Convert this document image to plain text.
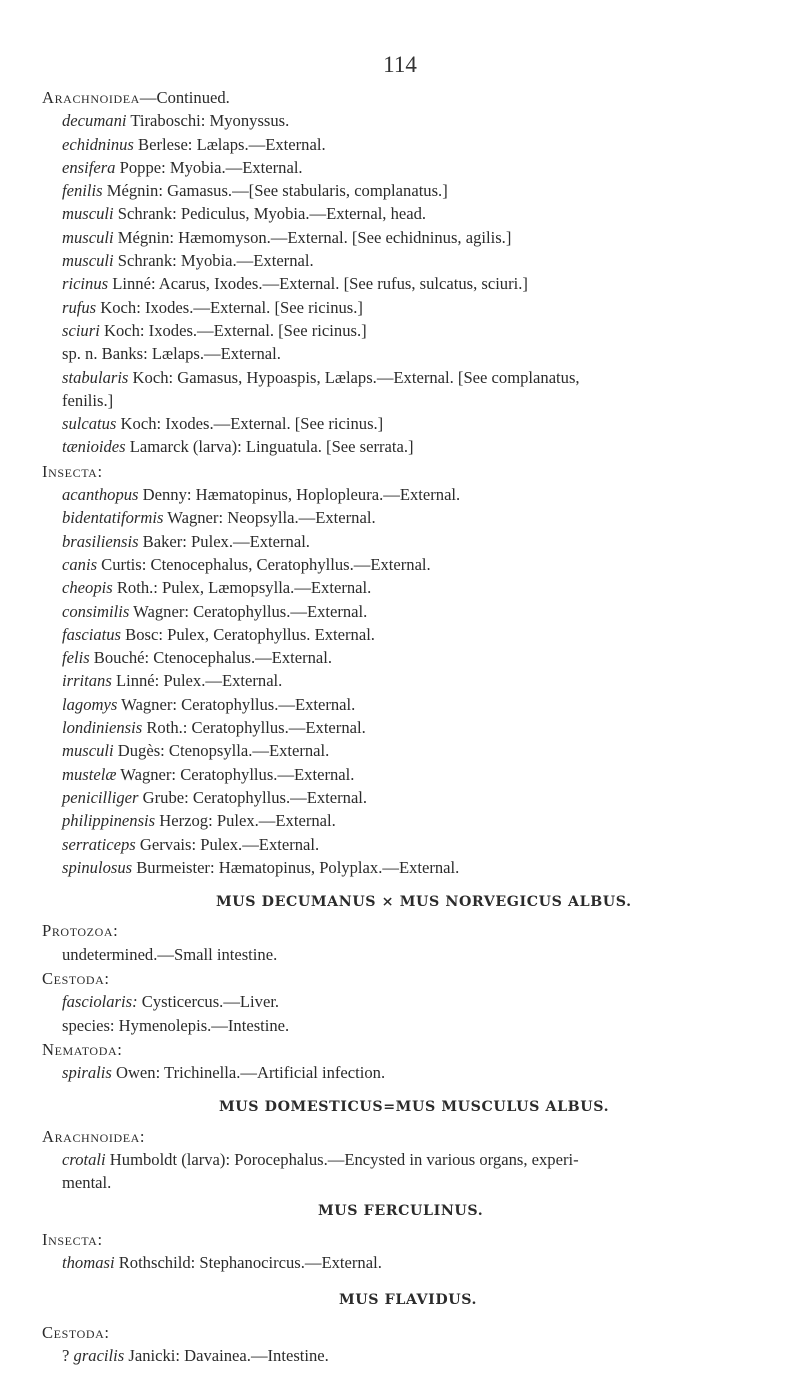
114
Arachnoidea—Continued.
decumani Tiraboschi: Myonyssus.
echidninus Berlese: Lælaps.—External.
ensifera Poppe: Myobia.—External.
fenilis Mégnin: Gamasus.—[See stabularis, complanatus.]
musculi Schrank: Pediculus, Myobia.—External, head.
musculi Mégnin: Hæmomyson.—External. [See echidninus, agilis.]
musculi Schrank: Myobia.—External.
ricinus Linné: Acarus, Ixodes.—External. [See rufus, sulcatus, sciuri.]
rufus Koch: Ixodes.—External. [See ricinus.]
sciuri Koch: Ixodes.—External. [See ricinus.]
sp. n. Banks: Lælaps.—External.
stabularis Koch: Gamasus, Hypoaspis, Lælaps.—External. [See complanatus,
fenilis.]
sulcatus Koch: Ixodes.—External. [See ricinus.]
tænioides Lamarck (larva): Linguatula. [See serrata.]
Insecta:
acanthopus Denny: Hæmatopinus, Hoplopleura.—External.
bidentatiformis Wagner: Neopsylla.—External.
brasiliensis Baker: Pulex.—External.
canis Curtis: Ctenocephalus, Ceratophyllus.—External.
cheopis Roth.: Pulex, Læmopsylla.—External.
consimilis Wagner: Ceratophyllus.—External.
fasciatus Bosc: Pulex, Ceratophyllus. External.
felis Bouché: Ctenocephalus.—External.
irritans Linné: Pulex.—External.
lagomys Wagner: Ceratophyllus.—External.
londiniensis Roth.: Ceratophyllus.—External.
musculi Dugès: Ctenopsylla.—External.
mustelæ Wagner: Ceratophyllus.—External.
penicilliger Grube: Ceratophyllus.—External.
philippinensis Herzog: Pulex.—External.
serraticeps Gervais: Pulex.—External.
spinulosus Burmeister: Hæmatopinus, Polyplax.—External.
MUS DECUMANUS × MUS NORVEGICUS ALBUS.
Protozoa:
undetermined.—Small intestine.
Cestoda:
fasciolaris: Cysticercus.—Liver.
species: Hymenolepis.—Intestine.
Nematoda:
spiralis Owen: Trichinella.—Artificial infection.
MUS DOMESTICUS=MUS MUSCULUS ALBUS.
Arachnoidea:
crotali Humboldt (larva): Porocephalus.—Encysted in various organs, experi-
mental.
MUS FERCULINUS.
Insecta:
thomasi Rothschild: Stephanocircus.—External.
MUS FLAVIDUS.
Cestoda:
? gracilis Janicki: Davainea.—Intestine.
